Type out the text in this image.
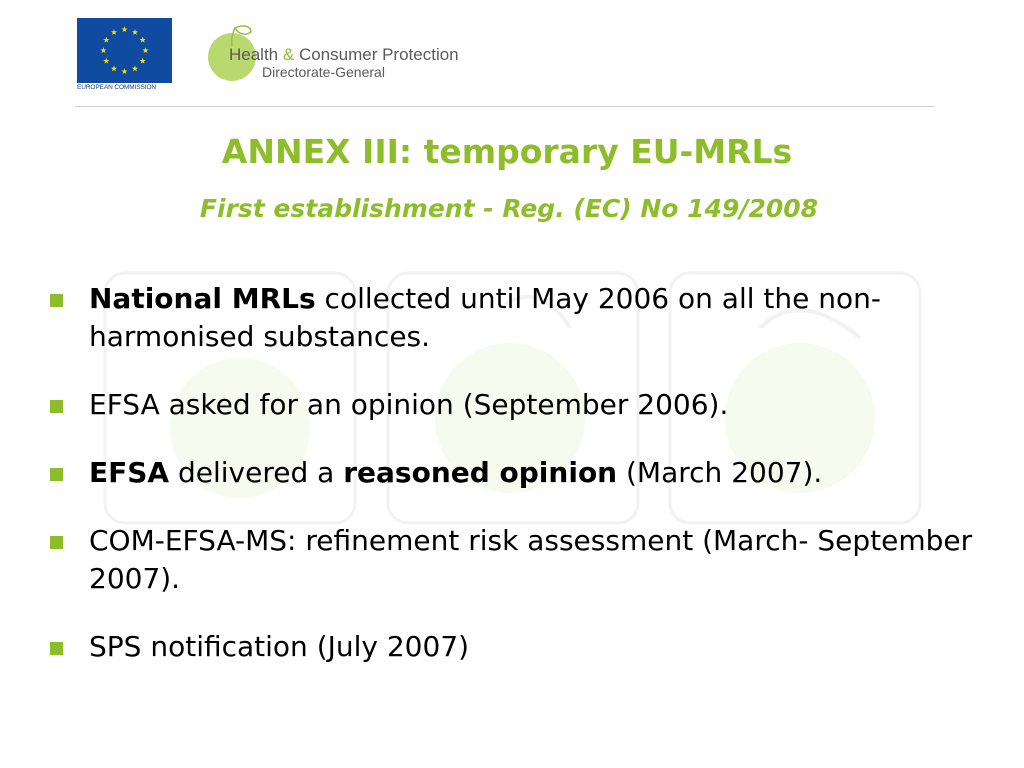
EUROPEAN COMMISSION
Health & Consumer Protection
Directorate-General
ANNEX III: temporary EU-MRLs
First establishment - Reg. (EC) No 149/2008
National MRLs collected until May 2006 on all the non-harmonised substances.
EFSA asked for an opinion (September 2006).
EFSA delivered a reasoned opinion (March 2007).
COM-EFSA-MS: refinement risk assessment (March- September 2007).
SPS notification (July 2007)
